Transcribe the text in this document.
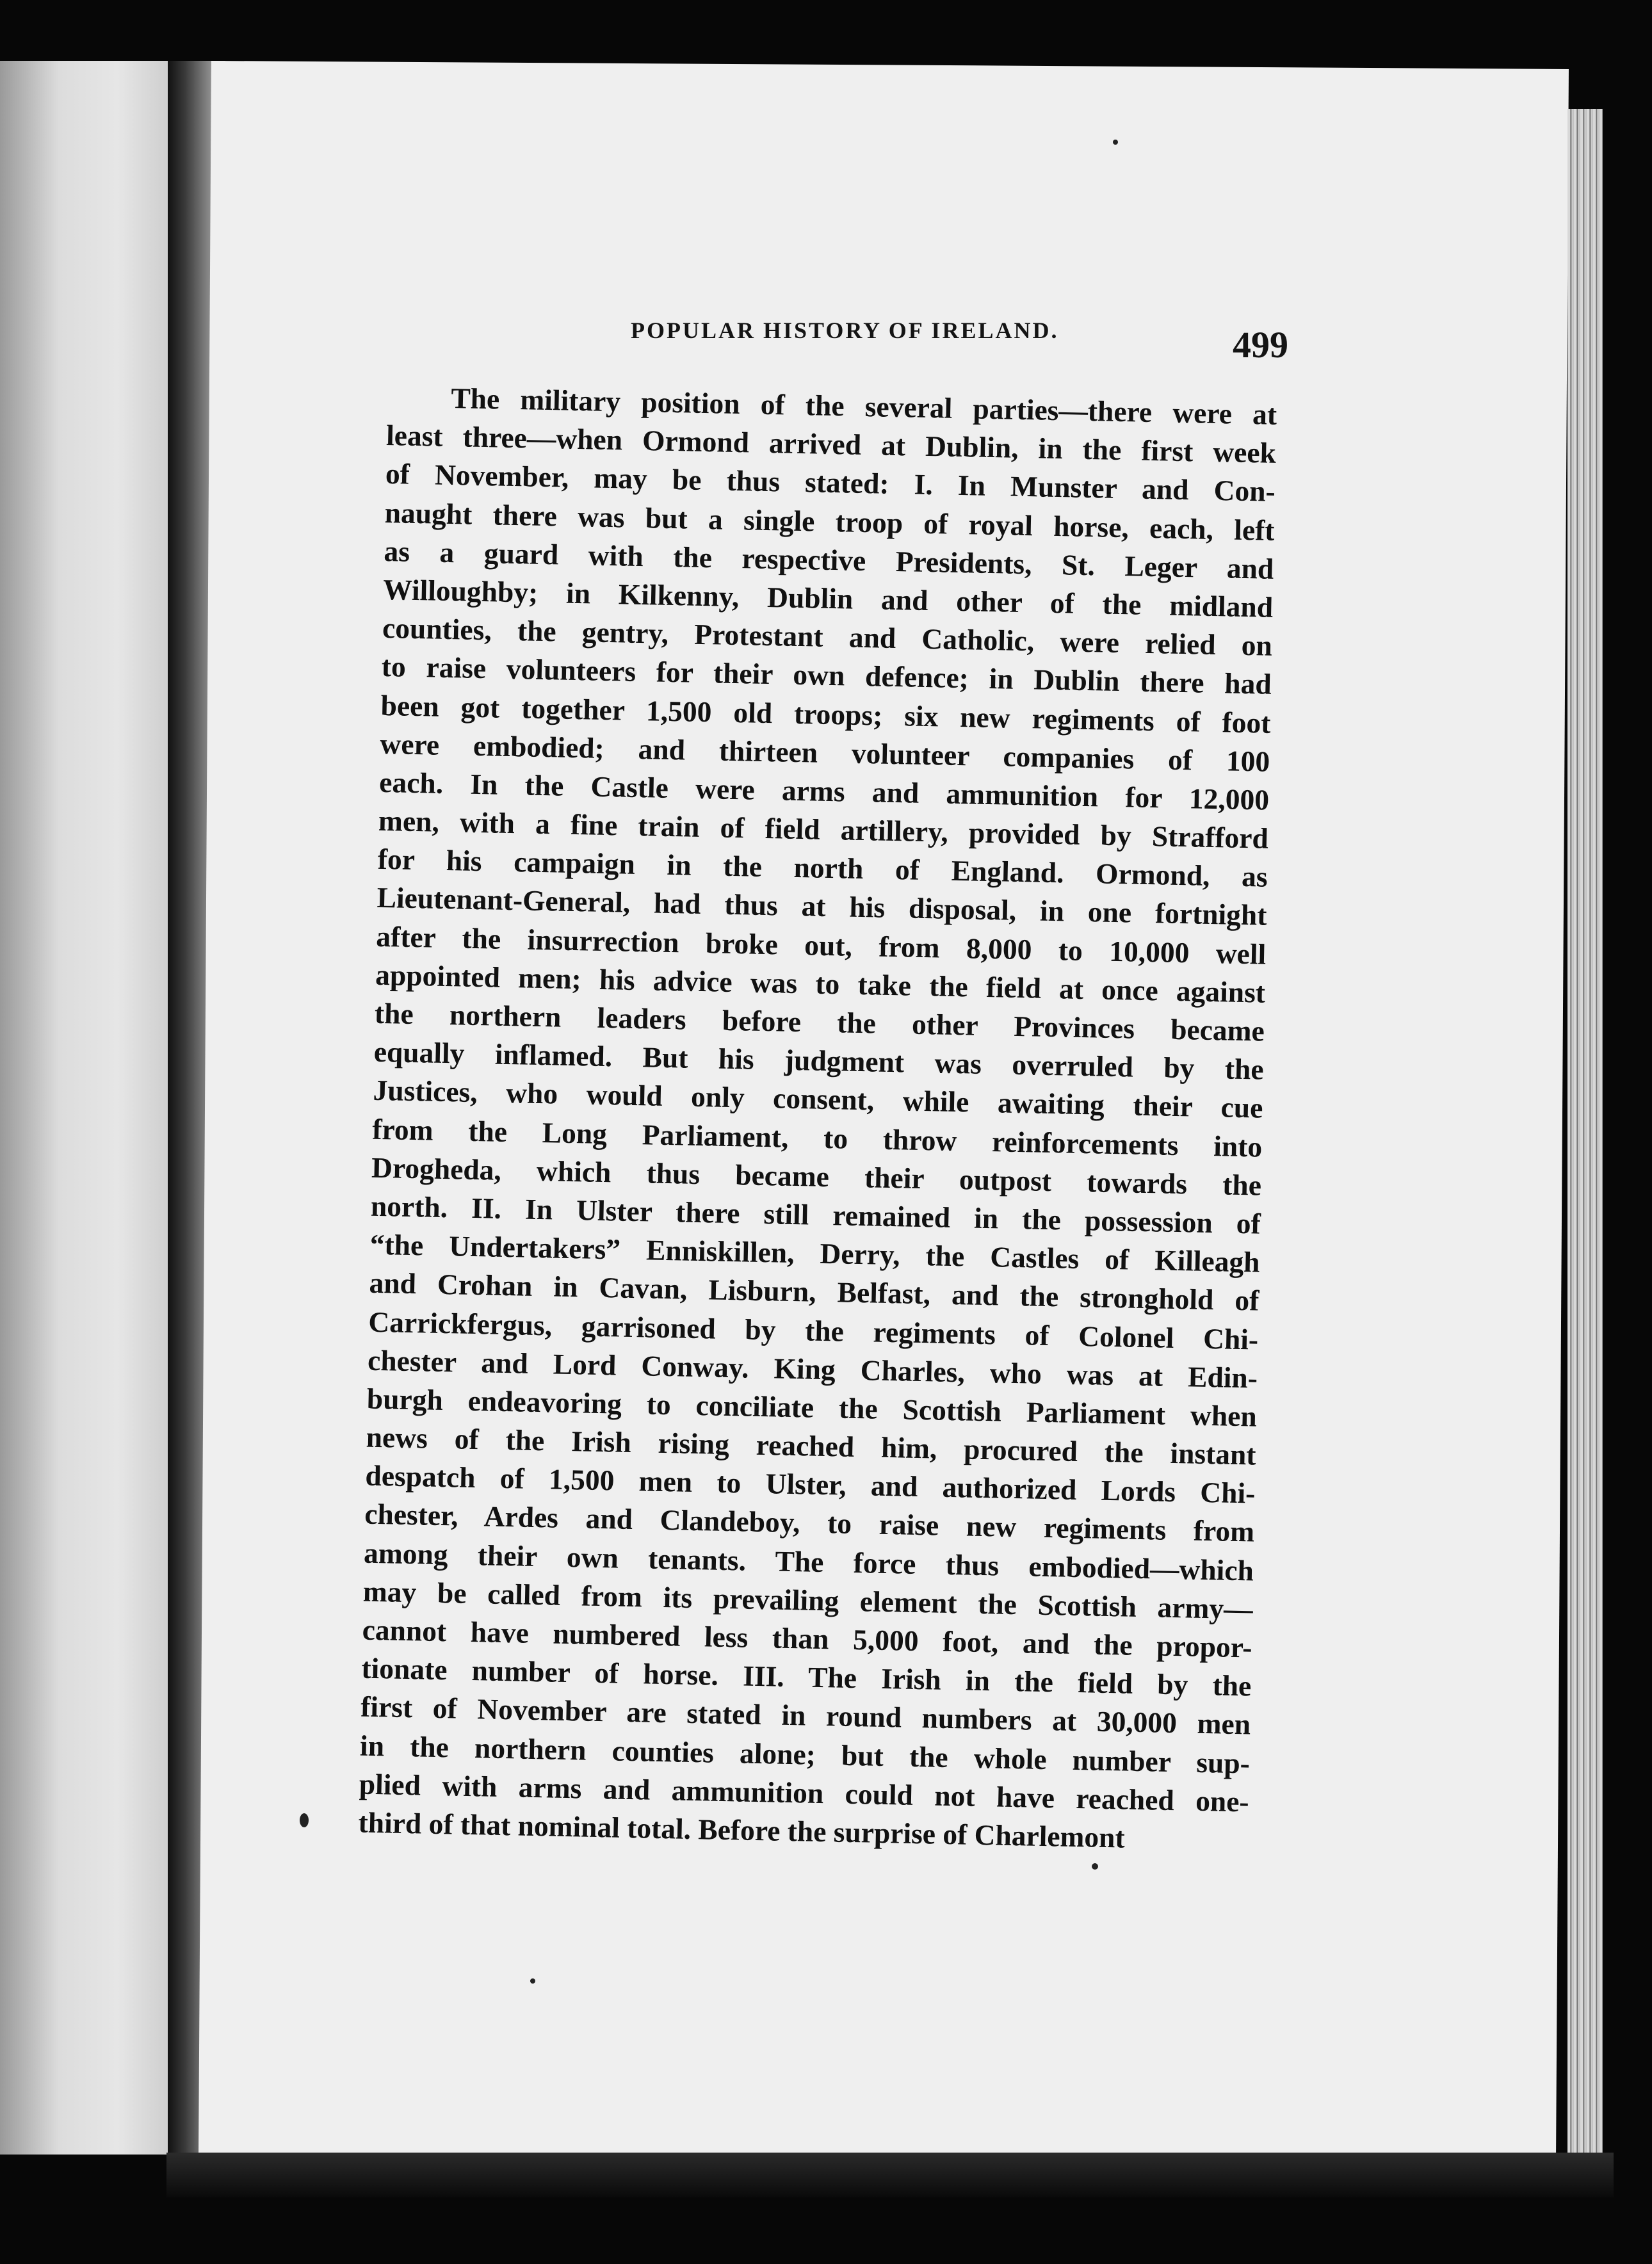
POPULAR HISTORY OF IRELAND.	499
The military position of the several parties—there were at
least three—when Ormond arrived at Dublin, in the first week
of November, may be thus stated: I. In Munster and Con-
naught there was but a single troop of royal horse, each, left
as a guard with the respective Presidents, St. Leger and
Willoughby; in Kilkenny, Dublin and other of the midland
counties, the gentry, Protestant and Catholic, were relied on
to raise volunteers for their own defence; in Dublin there had
been got together 1,500 old troops; six new regiments of foot
were embodied; and thirteen volunteer companies of 100
each. In the Castle were arms and ammunition for 12,000
men, with a fine train of field artillery, provided by Strafford
for his campaign in the north of England. Ormond, as
Lieutenant-General, had thus at his disposal, in one fortnight
after the insurrection broke out, from 8,000 to 10,000 well
appointed men; his advice was to take the field at once against
the northern leaders before the other Provinces became
equally inflamed. But his judgment was overruled by the
Justices, who would only consent, while awaiting their cue
from the Long Parliament, to throw reinforcements into
Drogheda, which thus became their outpost towards the
north. II. In Ulster there still remained in the possession of
“the Undertakers” Enniskillen, Derry, the Castles of Killeagh
and Crohan in Cavan, Lisburn, Belfast, and the stronghold of
Carrickfergus, garrisoned by the regiments of Colonel Chi-
chester and Lord Conway. King Charles, who was at Edin-
burgh endeavoring to conciliate the Scottish Parliament when
news of the Irish rising reached him, procured the instant
despatch of 1,500 men to Ulster, and authorized Lords Chi-
chester, Ardes and Clandeboy, to raise new regiments from
among their own tenants. The force thus embodied—which
may be called from its prevailing element the Scottish army—
cannot have numbered less than 5,000 foot, and the propor-
tionate number of horse. III. The Irish in the field by the
first of November are stated in round numbers at 30,000 men
in the northern counties alone; but the whole number sup-
plied with arms and ammunition could not have reached one-
third of that nominal total. Before the surprise of Charlemont
